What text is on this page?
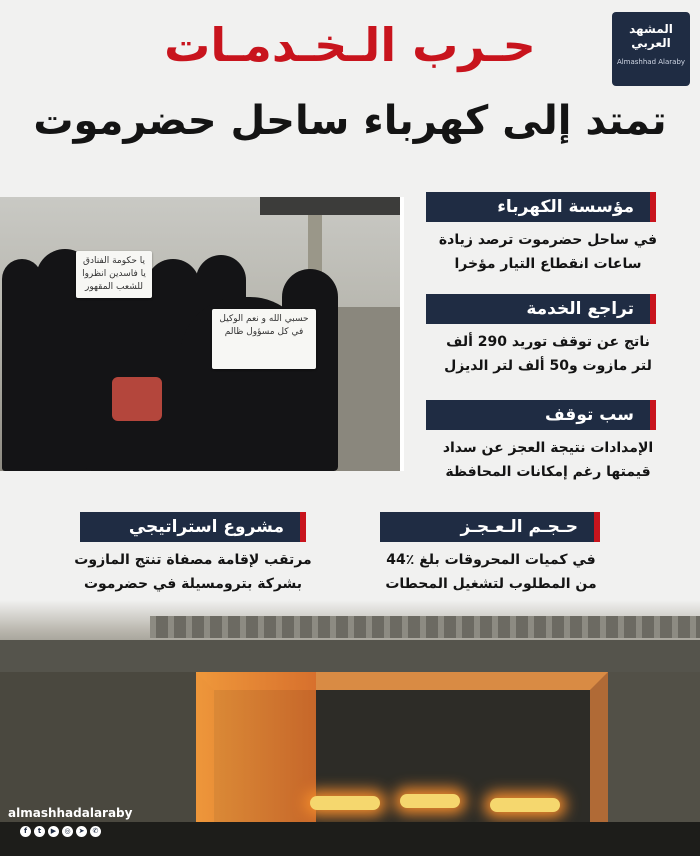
حـرب الـخـدمـات
تمتد إلى كهرباء ساحل حضرموت
المشهد
العربي
Almashhad Alaraby
يا حكومة الفنادق يا فاسدين انظروا للشعب المقهور
حسبي الله و نعم الوكيل في كل مسؤول ظالم
مؤسسة الكهرباء
في ساحل حضرموت ترصد زيادة
ساعات انقطاع التيار مؤخرا
تراجع الخدمة
ناتج عن توقف توريد 290 ألف
لتر مازوت و50 ألف لتر الديزل
سب توقف
الإمدادات نتيجة العجز عن سداد
قيمتها رغم إمكانات المحافظة
حـجـم الـعـجـز
في كميات المحروقات بلغ ٪44
من المطلوب لتشغيل المحطات
مشروع استراتيجي
مرتقب لإقامة مصفاة تنتج المازوت
بشركة بترومسيلة في حضرموت
almashhadalaraby
f	t	▶	◎	➤	✆
